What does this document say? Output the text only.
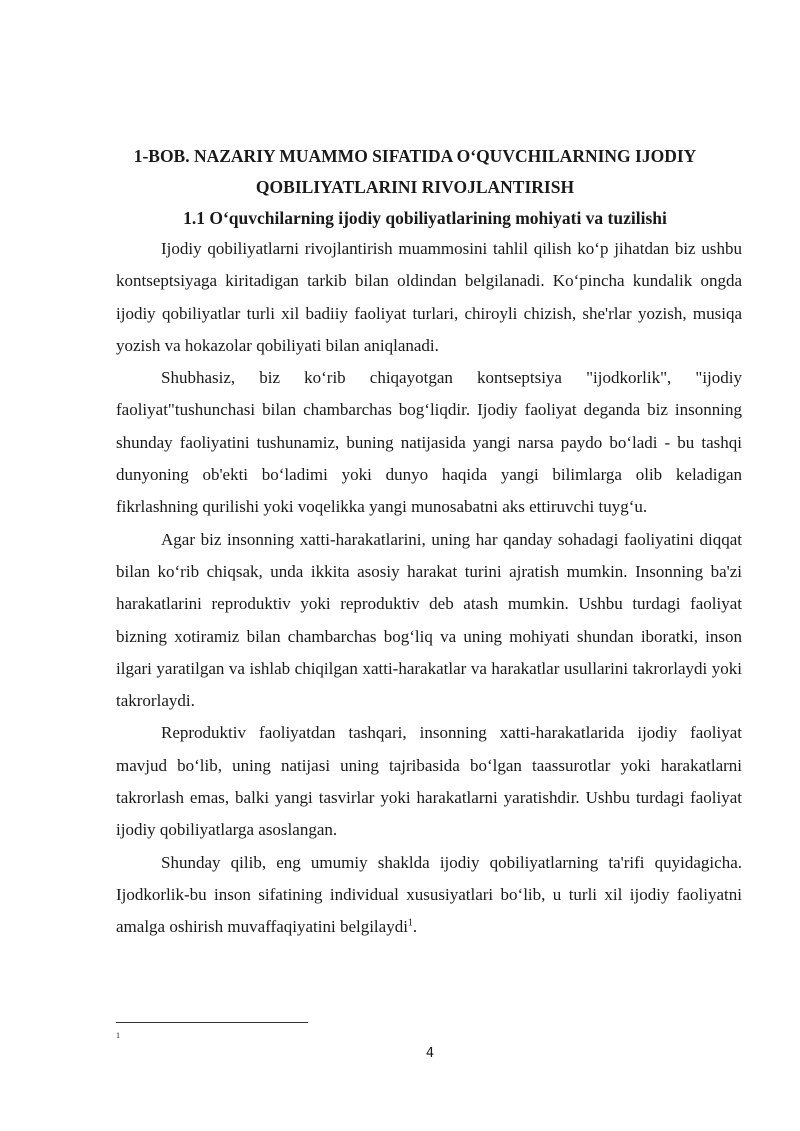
1-BOB. NAZARIY MUAMMO SIFATIDA O‘QUVCHILARNING IJODIY QOBILIYATLARINI RIVOJLANTIRISH
1.1 O‘quvchilarning ijodiy qobiliyatlarining mohiyati va tuzilishi

Ijodiy qobiliyatlarni rivojlantirish muammosini tahlil qilish ko‘p jihatdan biz ushbu kontseptsiyaga kiritadigan tarkib bilan oldindan belgilanadi. Ko‘pincha kundalik ongda ijodiy qobiliyatlar turli xil badiiy faoliyat turlari, chiroyli chizish, she'rlar yozish, musiqa yozish va hokazolar qobiliyati bilan aniqlanadi.

Shubhasiz, biz ko‘rib chiqayotgan kontseptsiya "ijodkorlik", "ijodiy faoliyat"tushunchasi bilan chambarchas bog‘liqdir. Ijodiy faoliyat deganda biz insonning shunday faoliyatini tushunamiz, buning natijasida yangi narsa paydo bo‘ladi - bu tashqi dunyoning ob'ekti bo‘ladimi yoki dunyo haqida yangi bilimlarga olib keladigan fikrlashning qurilishi yoki voqelikka yangi munosabatni aks ettiruvchi tuyg‘u.

Agar biz insonning xatti-harakatlarini, uning har qanday sohadagi faoliyatini diqqat bilan ko‘rib chiqsak, unda ikkita asosiy harakat turini ajratish mumkin. Insonning ba'zi harakatlarini reproduktiv yoki reproduktiv deb atash mumkin. Ushbu turdagi faoliyat bizning xotiramiz bilan chambarchas bog‘liq va uning mohiyati shundan iboratki, inson ilgari yaratilgan va ishlab chiqilgan xatti-harakatlar va harakatlar usullarini takrorlaydi yoki takrorlaydi.

Reproduktiv faoliyatdan tashqari, insonning xatti-harakatlarida ijodiy faoliyat mavjud bo‘lib, uning natijasi uning tajribasida bo‘lgan taassurotlar yoki harakatlarni takrorlash emas, balki yangi tasvirlar yoki harakatlarni yaratishdir. Ushbu turdagi faoliyat ijodiy qobiliyatlarga asoslangan.

Shunday qilib, eng umumiy shaklda ijodiy qobiliyatlarning ta'rifi quyidagicha. Ijodkorlik-bu inson sifatining individual xususiyatlari bo‘lib, u turli xil ijodiy faoliyatni amalga oshirish muvaffaqiyatini belgilaydi$^1$.

1
4
